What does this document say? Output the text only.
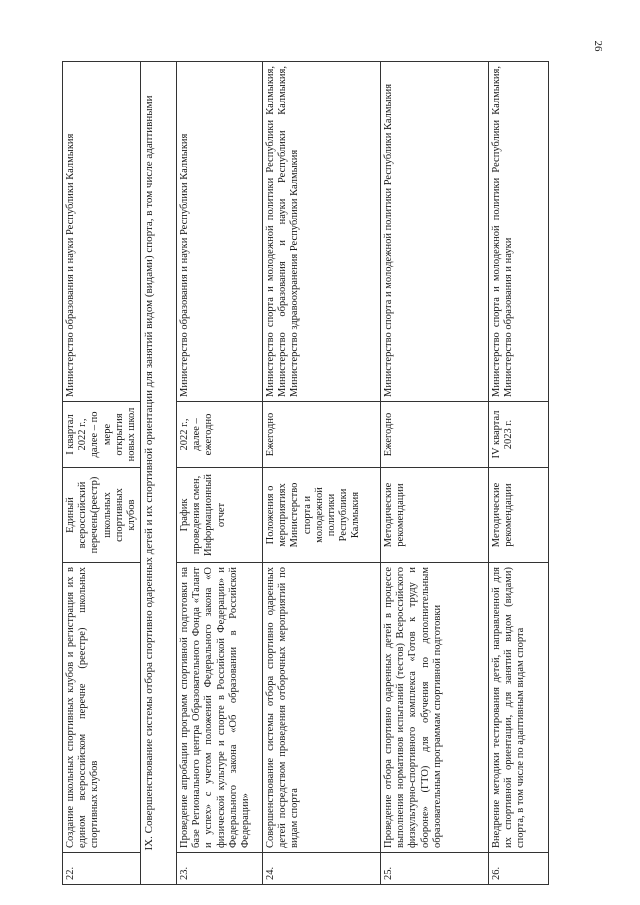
26
22.	Создание школьных спортивных клубов и регистрация их в едином всероссийском перечне (реестре) школьных спортивных клубов	Единый всероссийский перечень(реестр) школьных спортивных клубов	I квартал 2022 г., далее – по мере открытия новых школ	Министерство образования и науки Республики Калмыкия
IX. Совершенствование системы отбора спортивно одаренных детей и их спортивной ориентации для занятий видом (видами) спорта, в том числе адаптивными				
23.	Проведение апробации программ спортивной подготовки на базе Регионального центра Образовательного Фонда «Талант и успех» с учетом положений Федерального закона «О физической культуре и спорте в Российской Федерации» и Федерального закона «Об образовании в Российской Федерации»	График проведения смен, Информационный отчет	2022 г., далее – ежегодно	Министерство образования и науки Республики Калмыкия
24.	Совершенствование системы отбора спортивно одаренных детей посредством проведения отборочных мероприятий по видам спорта	Положения о мероприятиях Министерство спорта и молодежной политики Республики Калмыкия	Ежегодно	Министерство спорта и молодежной политики Республики Калмыкия, Министерство образования и науки Республики Калмыкия, Министерство здравоохранения Республики Калмыкия
25.	Проведение отбора спортивно одаренных детей в процессе выполнения нормативов испытаний (тестов) Всероссийского физкультурно-спортивного комплекса «Готов к труду и обороне» (ГТО) для обучения по дополнительным образовательным программам спортивной подготовки	Методические рекомендации	Ежегодно	Министерство спорта и молодежной политики Республики Калмыкия
26.	Внедрение методики тестирования детей, направленной для их спортивной ориентации, для занятий видом (видами) спорта, в том числе по адаптивным видам спорта	Методические рекомендации	IV квартал 2023 г.	Министерство спорта и молодежной политики Республики Калмыкия, Министерство образования и науки
